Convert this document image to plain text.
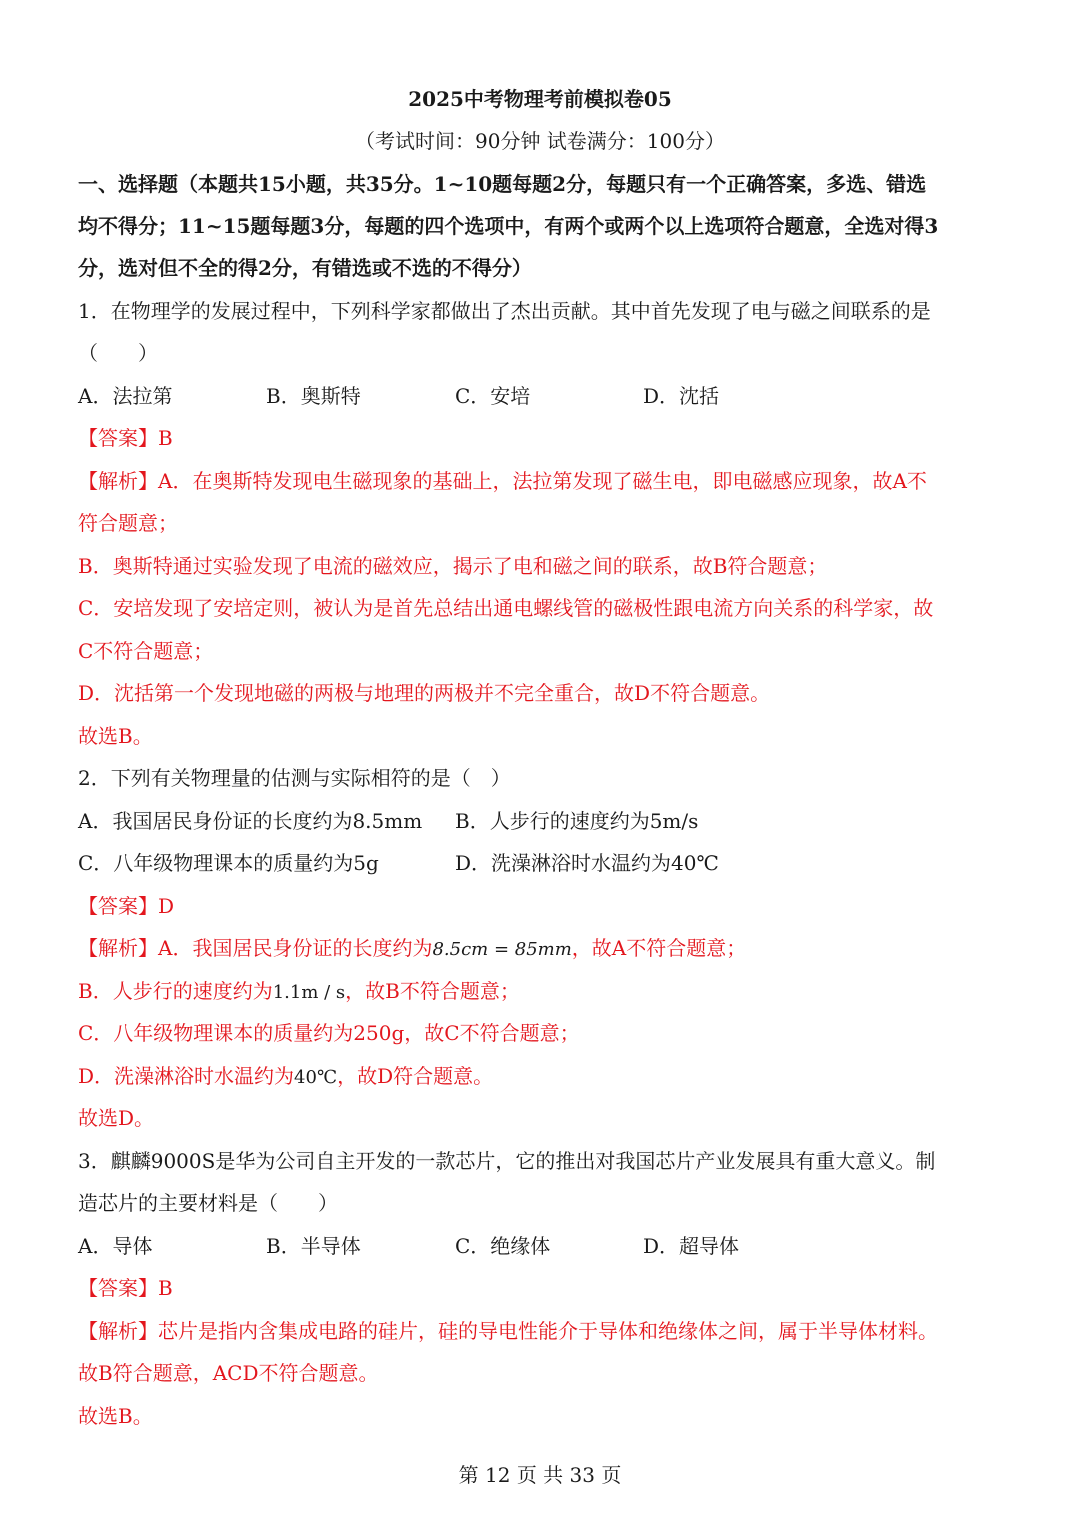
2025中考物理考前模拟卷05
（考试时间：90分钟 试卷满分：100分）
一、选择题（本题共15小题，共35分。1~10题每题2分，每题只有一个正确答案，多选、错选
均不得分；11~15题每题3分，每题的四个选项中，有两个或两个以上选项符合题意，全选对得3
分，选对但不全的得2分，有错选或不选的不得分）
1．在物理学的发展过程中，下列科学家都做出了杰出贡献。其中首先发现了电与磁之间联系的是
（　　）
A．法拉第	B．奥斯特	C．安培	D．沈括
【答案】B
【解析】A．在奥斯特发现电生磁现象的基础上，法拉第发现了磁生电，即电磁感应现象，故A不
符合题意；
B．奥斯特通过实验发现了电流的磁效应，揭示了电和磁之间的联系，故B符合题意；
C．安培发现了安培定则，被认为是首先总结出通电螺线管的磁极性跟电流方向关系的科学家，故
C不符合题意；
D．沈括第一个发现地磁的两极与地理的两极并不完全重合，故D不符合题意。
故选B。
2．下列有关物理量的估测与实际相符的是（　）
A．我国居民身份证的长度约为8.5mm B．人步行的速度约为5m/s
C．八年级物理课本的质量约为5g	D．洗澡淋浴时水温约为40℃
【答案】D
【解析】A．我国居民身份证的长度约为8.5cm = 85mm，故A不符合题意；
B．人步行的速度约为1.1m / s，故B不符合题意；
C．八年级物理课本的质量约为250g，故C不符合题意；
D．洗澡淋浴时水温约为40℃，故D符合题意。
故选D。
3．麒麟9000S是华为公司自主开发的一款芯片，它的推出对我国芯片产业发展具有重大意义。制
造芯片的主要材料是（　　）
A．导体	B．半导体	C．绝缘体	D．超导体
【答案】B
【解析】芯片是指内含集成电路的硅片，硅的导电性能介于导体和绝缘体之间，属于半导体材料。
故B符合题意，ACD不符合题意。
故选B。
第 12 页 共 33 页
